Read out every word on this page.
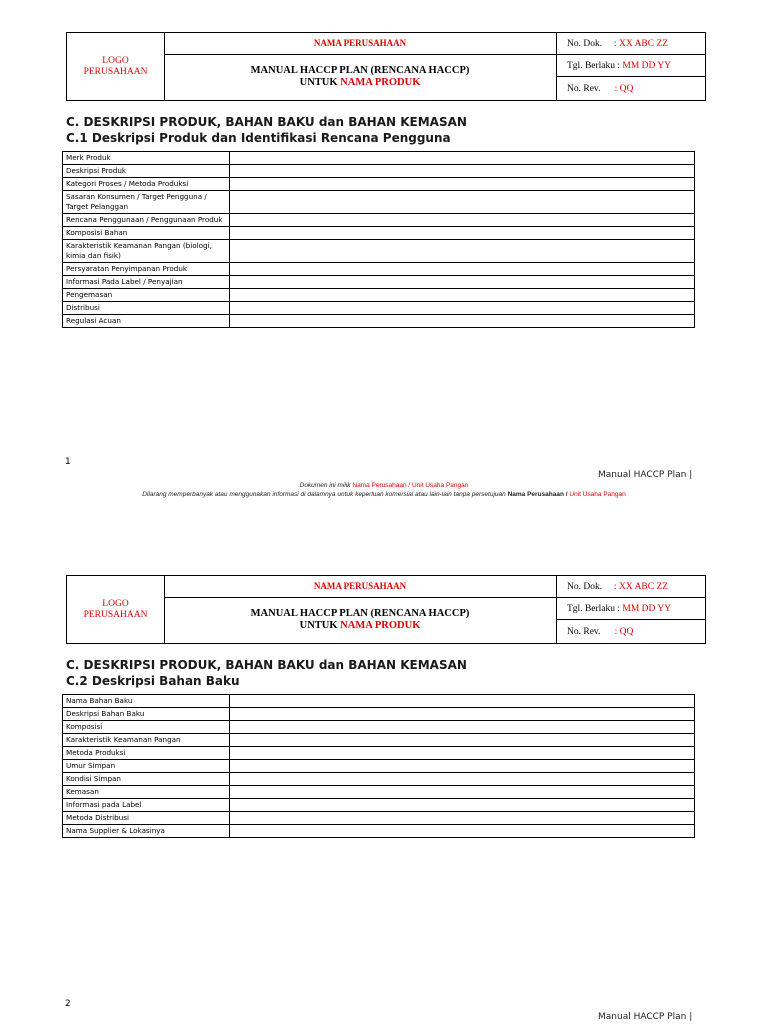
LOGO
PERUSAHAAN
NAMA PERUSAHAAN
MANUAL HACCP PLAN (RENCANA HACCP)
UNTUK NAMA PRODUK
No. Dok. : XX ABC ZZ
Tgl. Berlaku : MM DD YY
No. Rev. : QQ
C. DESKRIPSI PRODUK, BAHAN BAKU dan BAHAN KEMASAN
C.1 Deskripsi Produk dan Identifikasi Rencana Pengguna
Merk Produk	
Deskripsi Produk	
Kategori Proses / Metoda Produksi	
Sasaran Konsumen / Target Pengguna / Target Pelanggan	
Rencana Penggunaan / Penggunaan Produk	
Komposisi Bahan	
Karakteristik Keamanan Pangan (biologi, kimia dan fisik)	
Persyaratan Penyimpanan Produk	
Informasi Pada Label / Penyajian	
Pengemasan	
Distribusi	
Regulasi Acuan	
1
Manual HACCP Plan |
Dokumen ini milik Nama Perusahaan / Unit Usaha Pangan
Dilarang memperbanyak atau menggunakan informasi di dalamnya untuk keperluan komersial atau lain-lain tanpa persetujuan Nama Perusahaan / Unit Usaha Pangan
LOGO
PERUSAHAAN
NAMA PERUSAHAAN
MANUAL HACCP PLAN (RENCANA HACCP)
UNTUK NAMA PRODUK
No. Dok. : XX ABC ZZ
Tgl. Berlaku : MM DD YY
No. Rev. : QQ
C. DESKRIPSI PRODUK, BAHAN BAKU dan BAHAN KEMASAN
C.2 Deskripsi Bahan Baku
Nama Bahan Baku	
Deskripsi Bahan Baku	
Komposisi	
Karakteristik Keamanan Pangan	
Metoda Produksi	
Umur Simpan	
Kondisi Simpan	
Kemasan	
Informasi pada Label	
Metoda Distribusi	
Nama Supplier & Lokasinya	
2
Manual HACCP Plan |
